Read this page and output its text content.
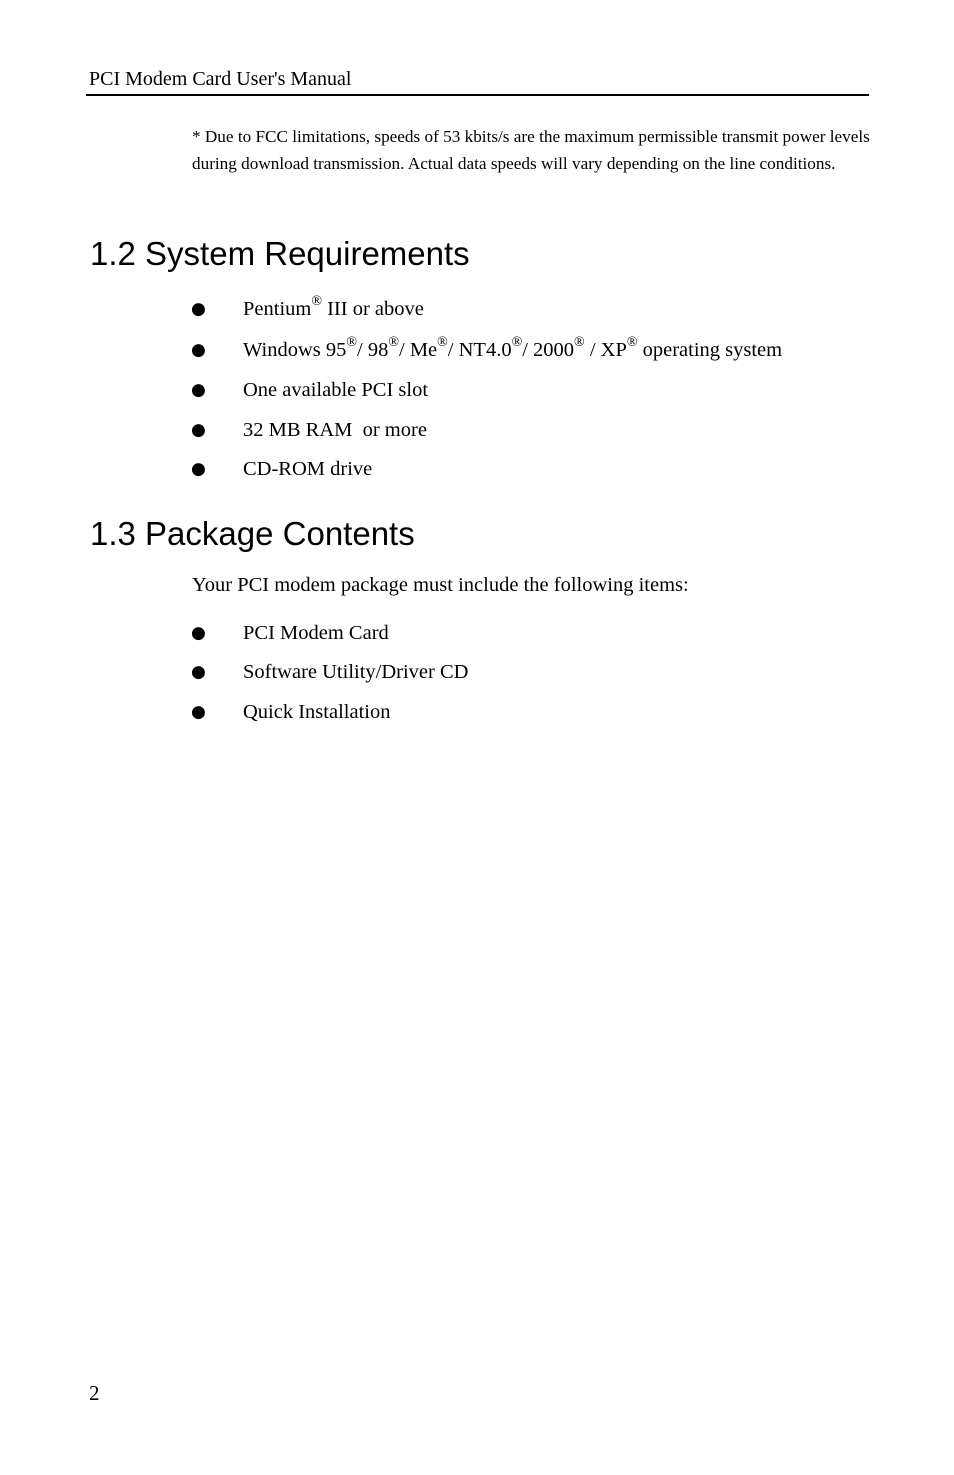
PCI Modem Card User's Manual
* Due to FCC limitations, speeds of 53 kbits/s are the maximum permissible transmit power levels during download transmission. Actual data speeds will vary depending on the line conditions.
1.2 System Requirements
● Pentium® III or above
● Windows 95®/ 98®/ Me®/ NT4.0®/ 2000® / XP® operating system
● One available PCI slot
● 32 MB RAM  or more
● CD-ROM drive
1.3 Package Contents
Your PCI modem package must include the following items:
● PCI Modem Card
● Software Utility/Driver CD
● Quick Installation
2
